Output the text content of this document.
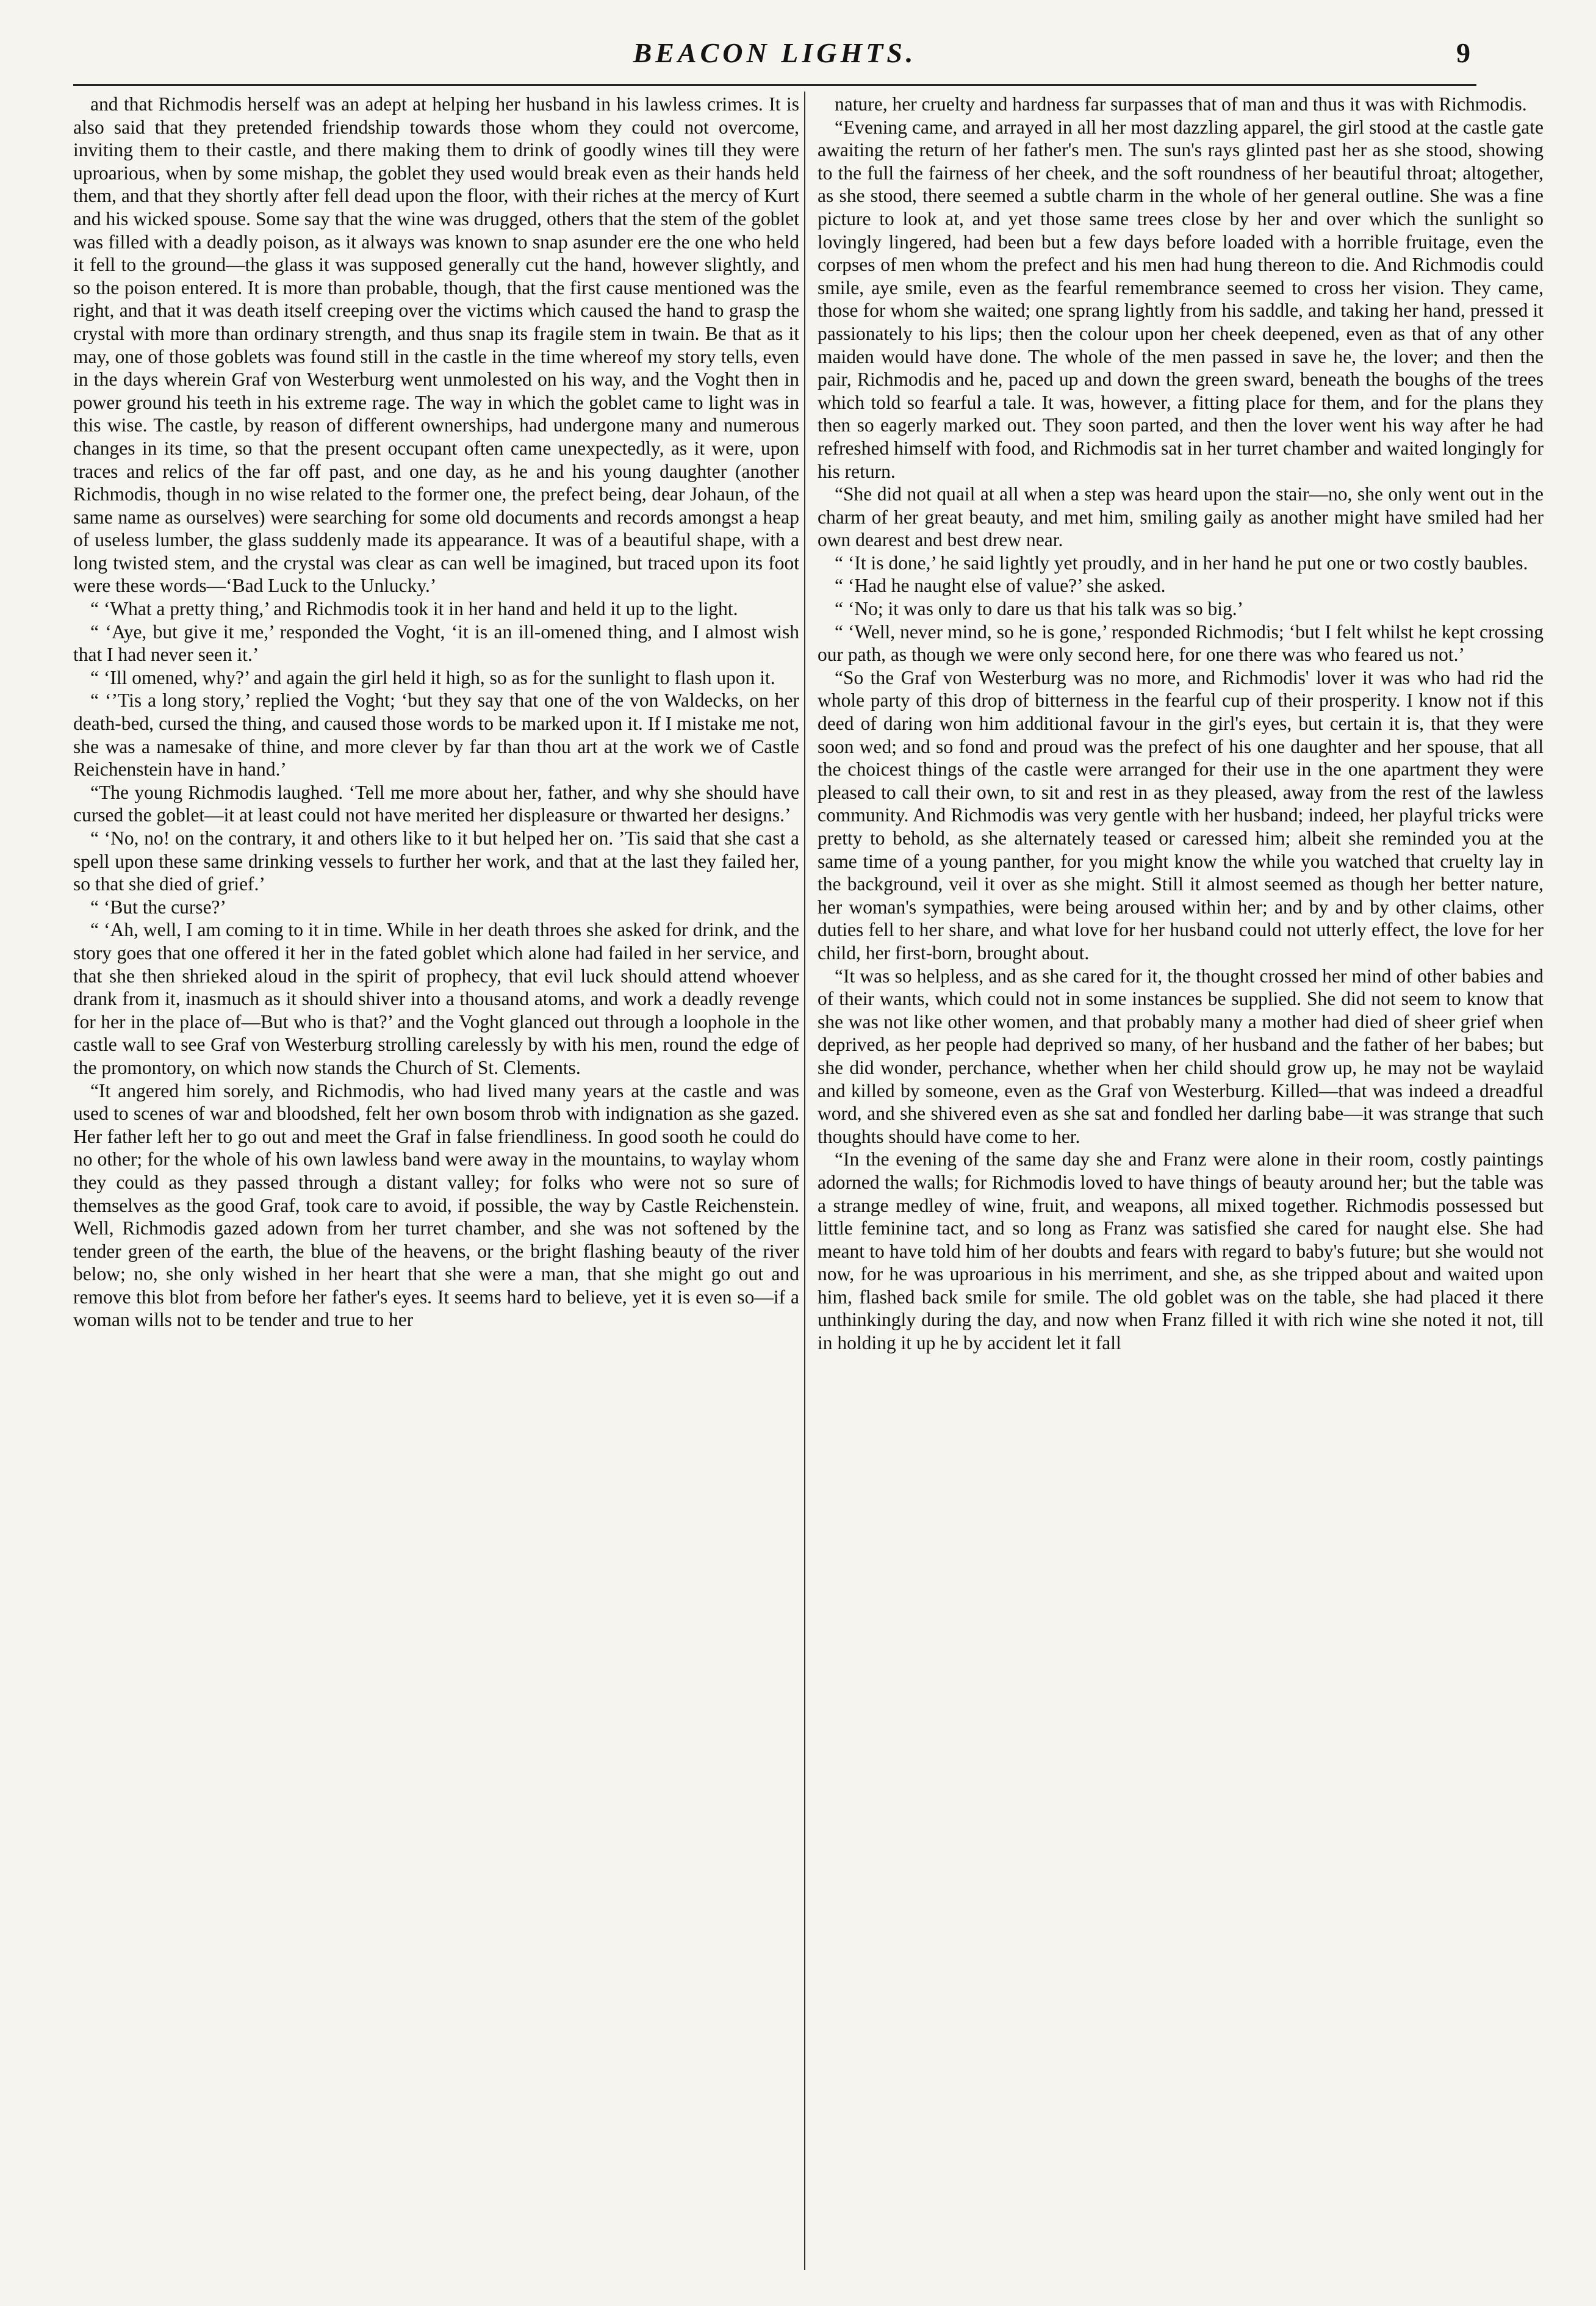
BEACON LIGHTS.	9

and that Richmodis herself was an adept at helping her husband in his lawless crimes. It is also said that they pretended friendship towards those whom they could not overcome, inviting them to their castle, and there making them to drink of goodly wines till they were uproarious, when by some mishap, the goblet they used would break even as their hands held them, and that they shortly after fell dead upon the floor, with their riches at the mercy of Kurt and his wicked spouse. Some say that the wine was drugged, others that the stem of the goblet was filled with a deadly poison, as it always was known to snap asunder ere the one who held it fell to the ground—the glass it was supposed generally cut the hand, however slightly, and so the poison entered. It is more than probable, though, that the first cause mentioned was the right, and that it was death itself creeping over the victims which caused the hand to grasp the crystal with more than ordinary strength, and thus snap its fragile stem in twain. Be that as it may, one of those goblets was found still in the castle in the time whereof my story tells, even in the days wherein Graf von Westerburg went unmolested on his way, and the Voght then in power ground his teeth in his extreme rage. The way in which the goblet came to light was in this wise. The castle, by reason of different ownerships, had undergone many and numerous changes in its time, so that the present occupant often came unexpectedly, as it were, upon traces and relics of the far off past, and one day, as he and his young daughter (another Richmodis, though in no wise related to the former one, the prefect being, dear Johaun, of the same name as ourselves) were searching for some old documents and records amongst a heap of useless lumber, the glass suddenly made its appearance. It was of a beautiful shape, with a long twisted stem, and the crystal was clear as can well be imagined, but traced upon its foot were these words—‘Bad Luck to the Unlucky.’

“ ‘What a pretty thing,’ and Richmodis took it in her hand and held it up to the light.

“ ‘Aye, but give it me,’ responded the Voght, ‘it is an ill-omened thing, and I almost wish that I had never seen it.’

“ ‘Ill omened, why?’ and again the girl held it high, so as for the sunlight to flash upon it.

“ ‘’Tis a long story,’ replied the Voght; ‘but they say that one of the von Waldecks, on her death-bed, cursed the thing, and caused those words to be marked upon it. If I mistake me not, she was a namesake of thine, and more clever by far than thou art at the work we of Castle Reichenstein have in hand.’

“The young Richmodis laughed. ‘Tell me more about her, father, and why she should have cursed the goblet—it at least could not have merited her displeasure or thwarted her designs.’

“ ‘No, no! on the contrary, it and others like to it but helped her on. ’Tis said that she cast a spell upon these same drinking vessels to further her work, and that at the last they failed her, so that she died of grief.’

“ ‘But the curse?’

“ ‘Ah, well, I am coming to it in time. While in her death throes she asked for drink, and the story goes that one offered it her in the fated goblet which alone had failed in her service, and that she then shrieked aloud in the spirit of prophecy, that evil luck should attend whoever drank from it, inasmuch as it should shiver into a thousand atoms, and work a deadly revenge for her in the place of—But who is that?’ and the Voght glanced out through a loophole in the castle wall to see Graf von Westerburg strolling carelessly by with his men, round the edge of the promontory, on which now stands the Church of St. Clements.

“It angered him sorely, and Richmodis, who had lived many years at the castle and was used to scenes of war and bloodshed, felt her own bosom throb with indignation as she gazed. Her father left her to go out and meet the Graf in false friendliness. In good sooth he could do no other; for the whole of his own lawless band were away in the mountains, to waylay whom they could as they passed through a distant valley; for folks who were not so sure of themselves as the good Graf, took care to avoid, if possible, the way by Castle Reichenstein. Well, Richmodis gazed adown from her turret chamber, and she was not softened by the tender green of the earth, the blue of the heavens, or the bright flashing beauty of the river below; no, she only wished in her heart that she were a man, that she might go out and remove this blot from before her father's eyes. It seems hard to believe, yet it is even so—if a woman wills not to be tender and true to her

nature, her cruelty and hardness far surpasses that of man and thus it was with Richmodis.

“Evening came, and arrayed in all her most dazzling apparel, the girl stood at the castle gate awaiting the return of her father's men. The sun's rays glinted past her as she stood, showing to the full the fairness of her cheek, and the soft roundness of her beautiful throat; altogether, as she stood, there seemed a subtle charm in the whole of her general outline. She was a fine picture to look at, and yet those same trees close by her and over which the sunlight so lovingly lingered, had been but a few days before loaded with a horrible fruitage, even the corpses of men whom the prefect and his men had hung thereon to die. And Richmodis could smile, aye smile, even as the fearful remembrance seemed to cross her vision. They came, those for whom she waited; one sprang lightly from his saddle, and taking her hand, pressed it passionately to his lips; then the colour upon her cheek deepened, even as that of any other maiden would have done. The whole of the men passed in save he, the lover; and then the pair, Richmodis and he, paced up and down the green sward, beneath the boughs of the trees which told so fearful a tale. It was, however, a fitting place for them, and for the plans they then so eagerly marked out. They soon parted, and then the lover went his way after he had refreshed himself with food, and Richmodis sat in her turret chamber and waited longingly for his return.

“She did not quail at all when a step was heard upon the stair—no, she only went out in the charm of her great beauty, and met him, smiling gaily as another might have smiled had her own dearest and best drew near.

“ ‘It is done,’ he said lightly yet proudly, and in her hand he put one or two costly baubles.

“ ‘Had he naught else of value?’ she asked.

“ ‘No; it was only to dare us that his talk was so big.’

“ ‘Well, never mind, so he is gone,’ responded Richmodis; ‘but I felt whilst he kept crossing our path, as though we were only second here, for one there was who feared us not.’

“So the Graf von Westerburg was no more, and Richmodis' lover it was who had rid the whole party of this drop of bitterness in the fearful cup of their prosperity. I know not if this deed of daring won him additional favour in the girl's eyes, but certain it is, that they were soon wed; and so fond and proud was the prefect of his one daughter and her spouse, that all the choicest things of the castle were arranged for their use in the one apartment they were pleased to call their own, to sit and rest in as they pleased, away from the rest of the lawless community. And Richmodis was very gentle with her husband; indeed, her playful tricks were pretty to behold, as she alternately teased or caressed him; albeit she reminded you at the same time of a young panther, for you might know the while you watched that cruelty lay in the background, veil it over as she might. Still it almost seemed as though her better nature, her woman's sympathies, were being aroused within her; and by and by other claims, other duties fell to her share, and what love for her husband could not utterly effect, the love for her child, her first-born, brought about.

“It was so helpless, and as she cared for it, the thought crossed her mind of other babies and of their wants, which could not in some instances be supplied. She did not seem to know that she was not like other women, and that probably many a mother had died of sheer grief when deprived, as her people had deprived so many, of her husband and the father of her babes; but she did wonder, perchance, whether when her child should grow up, he may not be waylaid and killed by someone, even as the Graf von Westerburg. Killed—that was indeed a dreadful word, and she shivered even as she sat and fondled her darling babe—it was strange that such thoughts should have come to her.

“In the evening of the same day she and Franz were alone in their room, costly paintings adorned the walls; for Richmodis loved to have things of beauty around her; but the table was a strange medley of wine, fruit, and weapons, all mixed together. Richmodis possessed but little feminine tact, and so long as Franz was satisfied she cared for naught else. She had meant to have told him of her doubts and fears with regard to baby's future; but she would not now, for he was uproarious in his merriment, and she, as she tripped about and waited upon him, flashed back smile for smile. The old goblet was on the table, she had placed it there unthinkingly during the day, and now when Franz filled it with rich wine she noted it not, till in holding it up he by accident let it fall
